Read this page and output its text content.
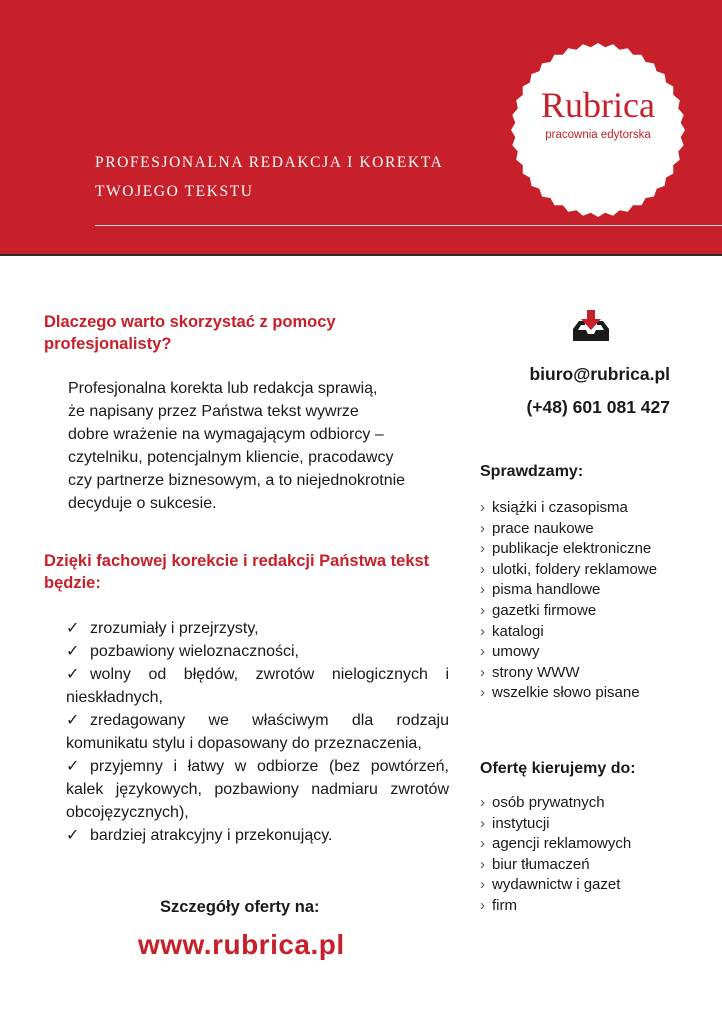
PROFESJONALNA REDAKCJA I KOREKTA
TWOJEGO TEKSTU

Rubrica
pracownia edytorska
Dlaczego warto skorzystać z pomocy
profesjonalisty?

Profesjonalna korekta lub redakcja sprawią,
że napisany przez Państwa tekst wywrze
dobre wrażenie na wymagającym odbiorcy –
czytelniku, potencjalnym kliencie, pracodawcy
czy partnerze biznesowym, a to niejednokrotnie
decyduje o sukcesie.

Dzięki fachowej korekcie i redakcji Państwa tekst
będzie:
✓ zrozumiały i przejrzysty,
✓ pozbawiony wieloznaczności,
✓ wolny od błędów, zwrotów nielogicznych i nieskładnych,
✓ zredagowany we właściwym dla rodzaju komunikatu stylu i dopasowany do przeznaczenia,
✓ przyjemny i łatwy w odbiorze (bez powtórzeń, kalek językowych, pozbawiony nadmiaru zwrotów obcojęzycznych),
✓ bardziej atrakcyjny i przekonujący.

Szczegóły oferty na:

www.rubrica.pl

biuro@rubrica.pl

(+48) 601 081 427

Sprawdzamy:
› książki i czasopisma
› prace naukowe
› publikacje elektroniczne
› ulotki, foldery reklamowe
› pisma handlowe
› gazetki firmowe
› katalogi
› umowy
› strony WWW
› wszelkie słowo pisane
Ofertę kierujemy do:
› osób prywatnych
› instytucji
› agencji reklamowych
› biur tłumaczeń
› wydawnictw i gazet
› firm
